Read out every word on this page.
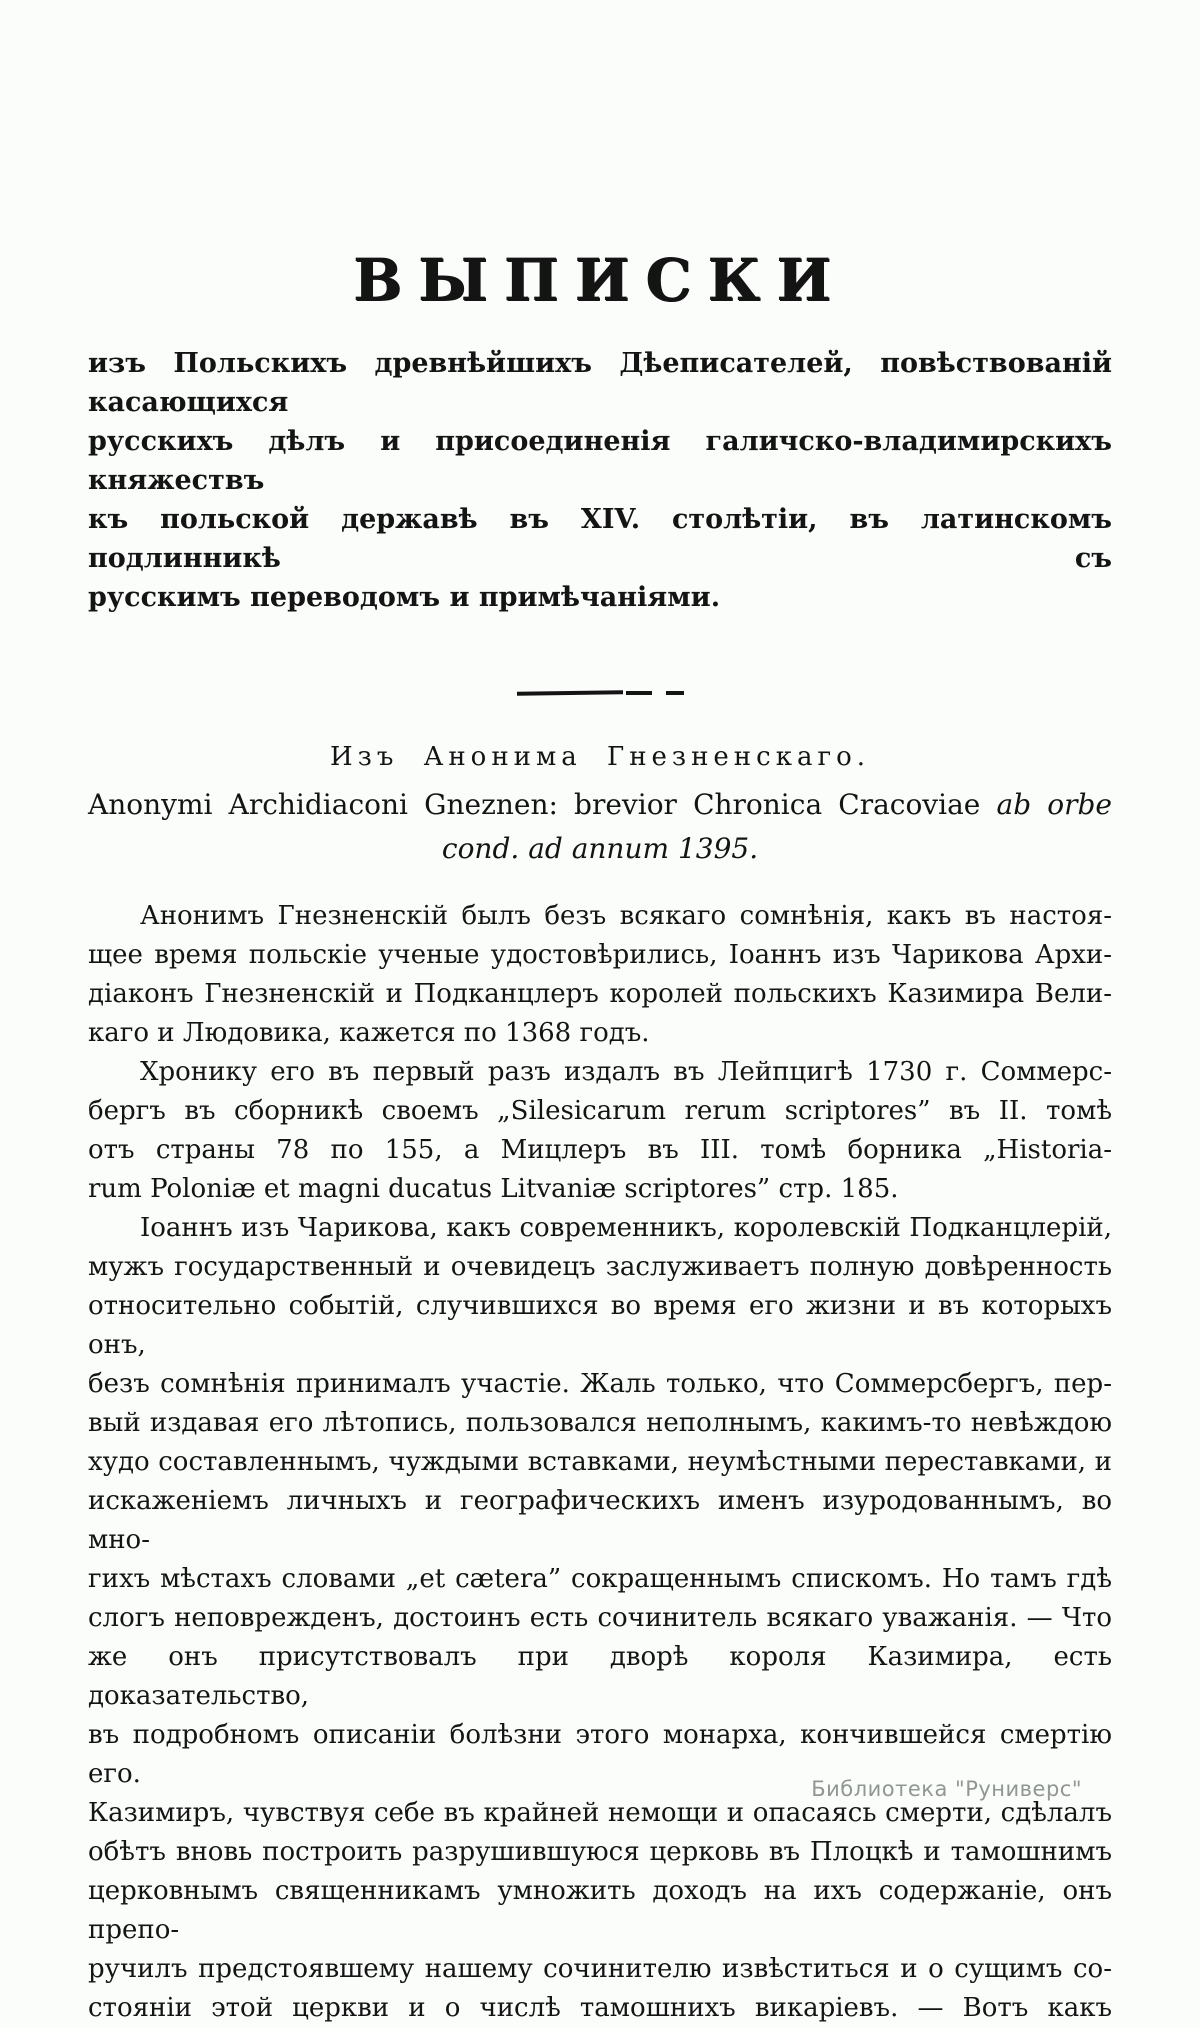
ВЫПИСКИ
изъ Польскихъ древнѣйшихъ Дѣеписателей, повѣствованій касающихся
русскихъ дѣлъ и присоединенія галичско-владимирскихъ княжествъ
къ польской державѣ въ XIV. столѣтіи, въ латинскомъ подлинникѣ съ
русскимъ переводомъ и примѣчаніями.
Изъ Анонима Гнезненскаго.
Anonymi Archidiaconi Gneznen: brevior Chronica Cracoviae ab orbe
cond. ad annum 1395.
Анонимъ Гнезненскій былъ безъ всякаго сомнѣнія, какъ въ настоя-
щее время польскіе ученые удостовѣрились, Іоаннъ изъ Чарикова Архи-
діаконъ Гнезненскій и Подканцлеръ королей польскихъ Казимира Вели-
каго и Людовика, кажется по 1368 годъ.
Хронику его въ первый разъ издалъ въ Лейпцигѣ 1730 г. Соммерс-
бергъ въ сборникѣ своемъ „Silesicarum rerum scriptores” въ II. томѣ
отъ страны 78 по 155, а Мицлеръ въ III. томѣ борника „Historia-
rum Poloniæ et magni ducatus Litvaniæ scriptores” стр. 185.
Іоаннъ изъ Чарикова, какъ современникъ, королевскій Подканцлерій,
мужъ государственный и очевидецъ заслуживаетъ полную довѣренность
относительно событій, случившихся во время его жизни и въ которыхъ онъ,
безъ сомнѣнія принималъ участіе. Жаль только, что Соммерсбергъ, пер-
вый издавая его лѣтопись, пользовался неполнымъ, какимъ-то невѣждою
худо составленнымъ, чуждыми вставками, неумѣстными переставками, и
искаженіемъ личныхъ и географическихъ именъ изуродованнымъ, во мно-
гихъ мѣстахъ словами „et cætera” сокращеннымъ спискомъ. Но тамъ гдѣ
слогъ неповрежденъ, достоинъ есть сочинитель всякаго уважанія. — Что
же онъ присутствовалъ при дворѣ короля Казимира, есть доказательство,
въ подробномъ описаніи болѣзни этого монарха, кончившейся смертію его.
Казимиръ, чувствуя себе въ крайней немощи и опасаясь смерти, сдѣлалъ
обѣтъ вновь построить разрушившуюся церковь въ Плоцкѣ и тамошнимъ
церковнымъ священникамъ умножить доходъ на ихъ содержаніе, онъ препо-
ручилъ предстоявшему нашему сочинителю извѣститься и о сущимъ со-
стояніи этой церкви и о числѣ тамошнихъ викаріевъ. — Вотъ какъ
Библиотека "Руниверс"
